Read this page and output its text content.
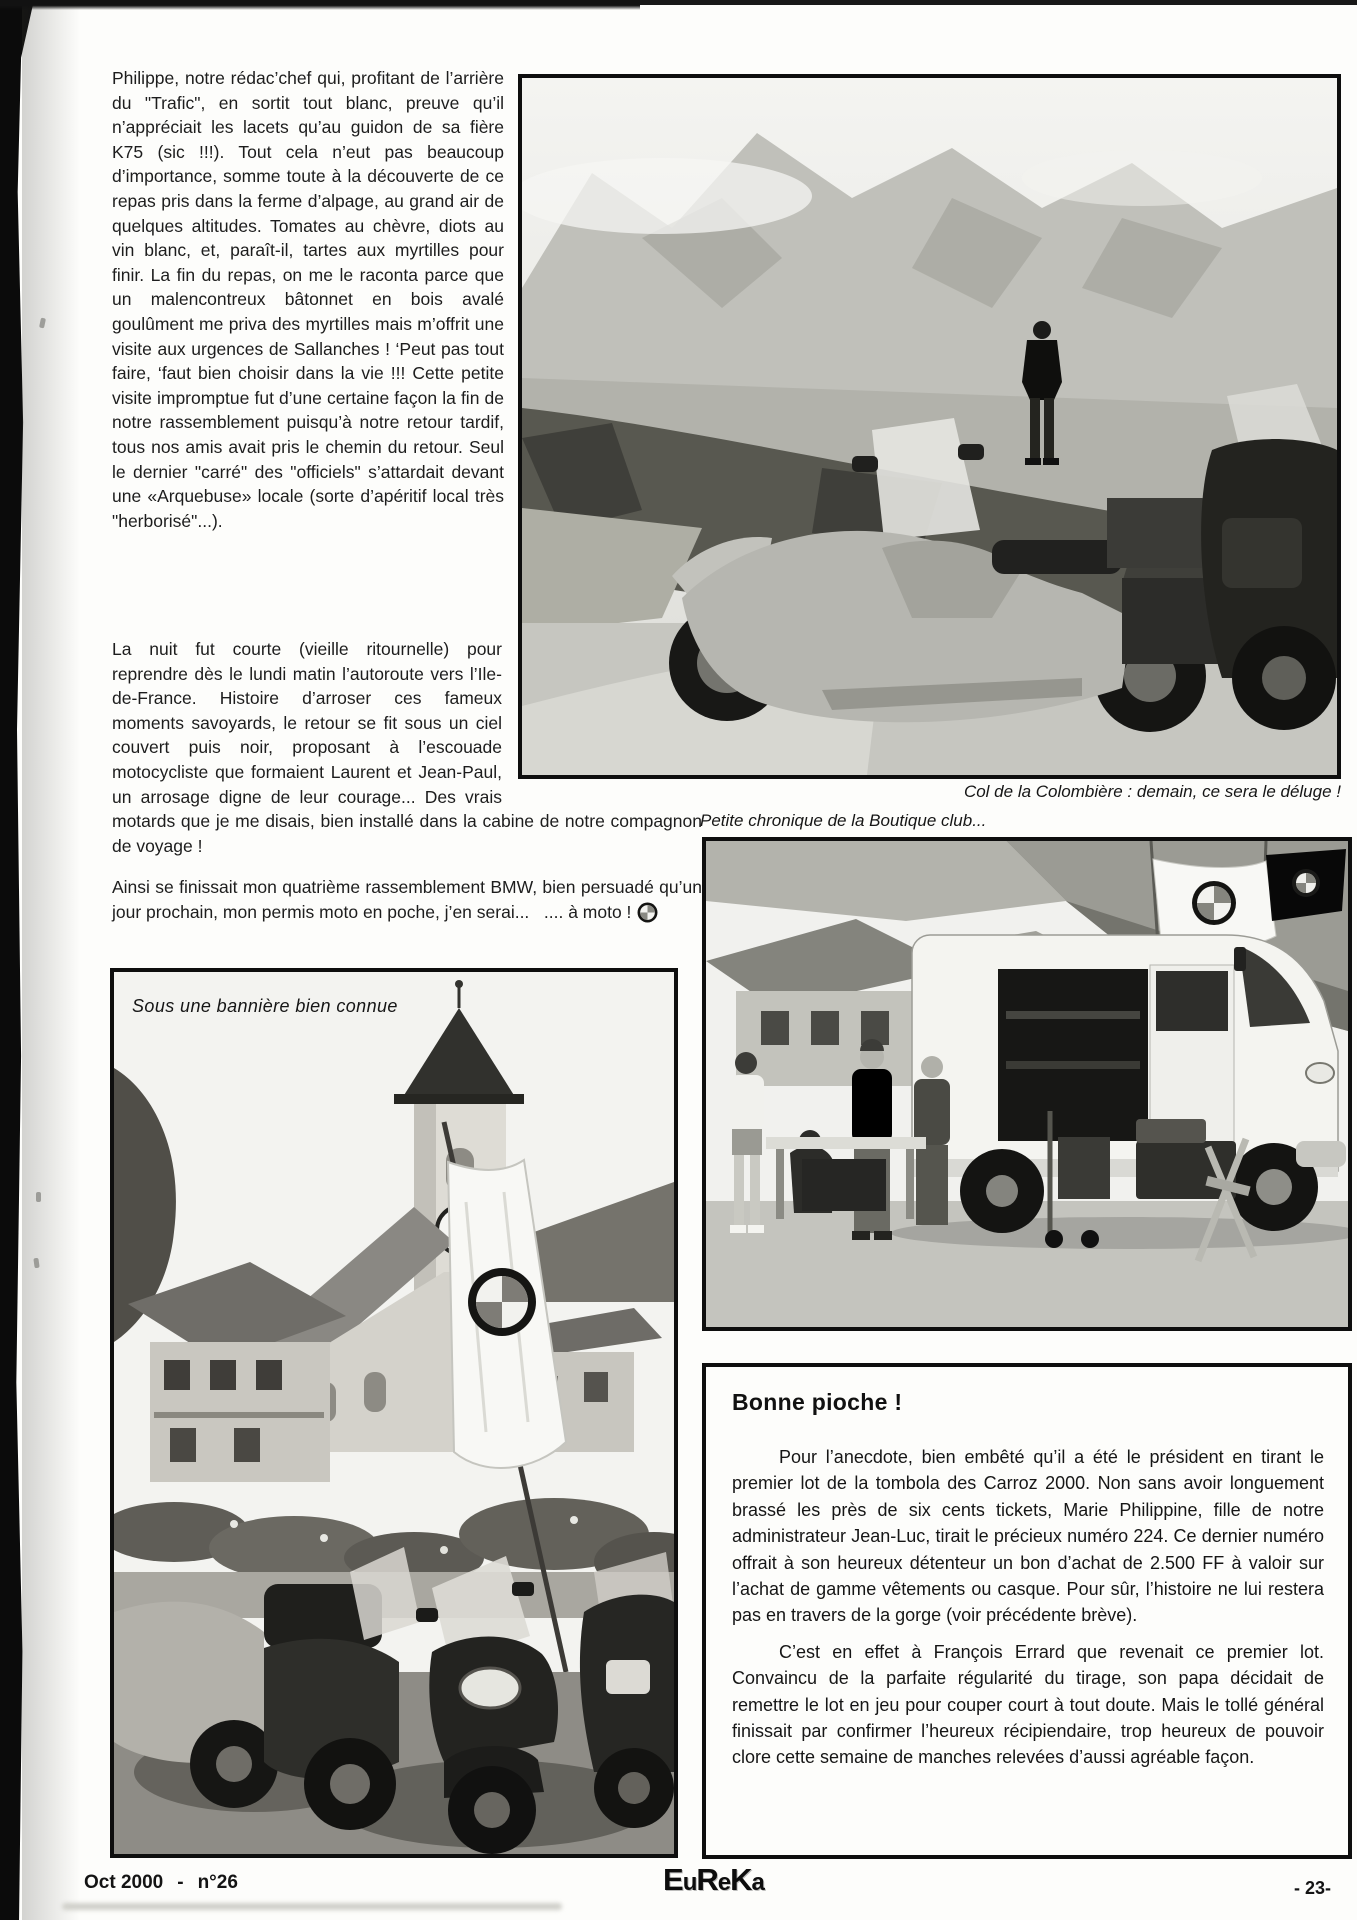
Philippe, notre rédac’chef qui, profitant de l’arrière du "Trafic", en sortit tout blanc, preuve qu’il n’appréciait les lacets qu’au guidon de sa fière K75 (sic !!!). Tout cela n’eut pas beaucoup d’importance, somme toute à la découverte de ce repas pris dans la ferme d’alpage, au grand air de quelques altitudes. Tomates au chèvre, diots au vin blanc, et, paraît-il, tartes aux myrtilles pour finir. La fin du repas, on me le raconta parce que un malencontreux bâtonnet en bois avalé goulûment me priva des myrtilles mais m’offrit une visite aux urgences de Sallanches ! ‘Peut pas tout faire, ‘faut bien choisir dans la vie !!! Cette petite visite impromptue fut d’une certaine façon la fin de notre rassemblement puisqu’à notre retour tardif, tous nos amis avait pris le chemin du retour. Seul le dernier "carré" des "officiels" s’attardait devant une «Arquebuse» locale (sorte d’apéritif local très "herborisé"...).

La nuit fut courte (vieille ritournelle) pour reprendre dès le lundi matin l’autoroute vers l’Ile-de-France. Histoire d’arroser ces fameux moments savoyards, le retour se fit sous un ciel couvert puis noir, proposant à l’escouade motocycliste que formaient Laurent et Jean-Paul, un arrosage digne de leur courage... Des vrais motards que je me disais, bien installé dans la cabine de notre compagnon de voyage !

Ainsi se finissait mon quatrième rassemblement BMW, bien persuadé qu’un jour prochain, mon permis moto en poche, j’en serai...   .... à moto !

Col de la Colombière : demain, ce sera le déluge !

Petite chronique de la Boutique club...

Sous une bannière bien connue

Bonne pioche !

Pour l’anecdote, bien embêté qu’il a été le président en tirant le premier lot de la tombola des Carroz 2000. Non sans avoir longuement brassé les près de six cents tickets, Marie Philippine, fille de notre administrateur Jean-Luc, tirait le précieux numéro 224. Ce dernier numéro offrait à son heureux détenteur un bon d’achat de 2.500 FF à valoir sur l’achat de gamme vêtements ou casque. Pour sûr, l’histoire ne lui restera pas en travers de la gorge (voir précédente brève).

C’est en effet à François Errard que revenait ce premier lot. Convaincu de la parfaite régularité du tirage, son papa décidait de remettre le lot en jeu pour couper court à tout doute. Mais le tollé général finissait par confirmer l’heureux récipiendaire, trop heureux de pouvoir clore cette semaine de manches relevées d’aussi agréable façon.

Oct 2000 - n°26	EuReKa	- 23-
